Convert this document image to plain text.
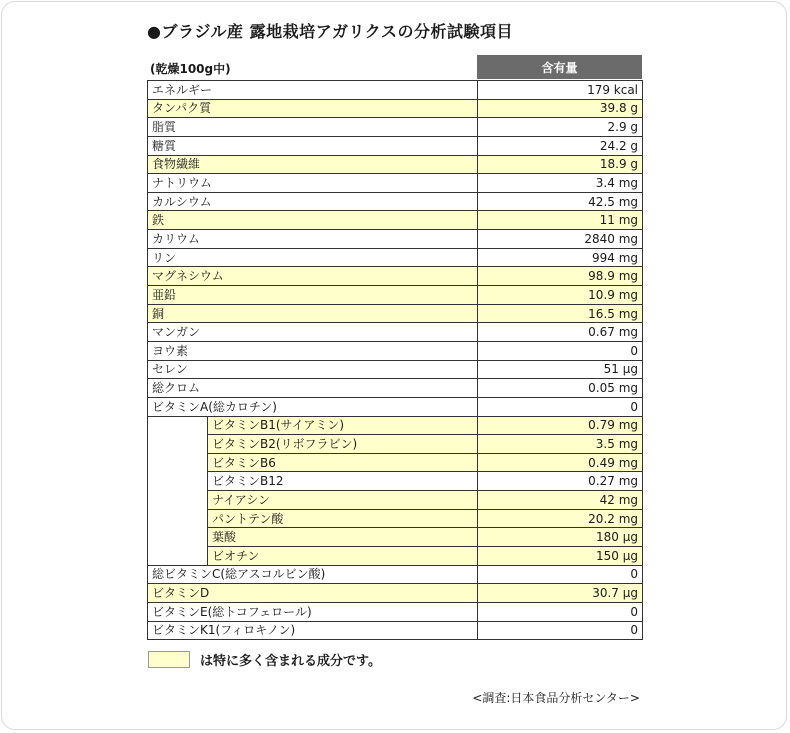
●ブラジル産 露地栽培アガリクスの分析試験項目
(乾燥100g中)	含有量
エネルギー		179 kcal
タンパク質		39.8 g
脂質		2.9 g
糖質		24.2 g
食物繊維		18.9 g
ナトリウム		3.4 mg
カルシウム		42.5 mg
鉄		11 mg
カリウム		2840 mg
リン		994 mg
マグネシウム		98.9 mg
亜鉛		10.9 mg
銅		16.5 mg
マンガン		0.67 mg
ヨウ素		0
セレン		51 μg
総クロム		0.05 mg
ビタミンA(総カロチン)		0
	ビタミンB1(サイアミン)	0.79 mg
	ビタミンB2(リボフラビン)	3.5 mg
	ビタミンB6	0.49 mg
	ビタミンB12	0.27 mg
	ナイアシン	42 mg
	パントテン酸	20.2 mg
	葉酸	180 μg
	ビオチン	150 μg
総ビタミンC(総アスコルビン酸)		0
ビタミンD		30.7 μg
ビタミンE(総トコフェロール)		0
ビタミンK1(フィロキノン)		0
は特に多く含まれる成分です。
<調査:日本食品分析センター>
